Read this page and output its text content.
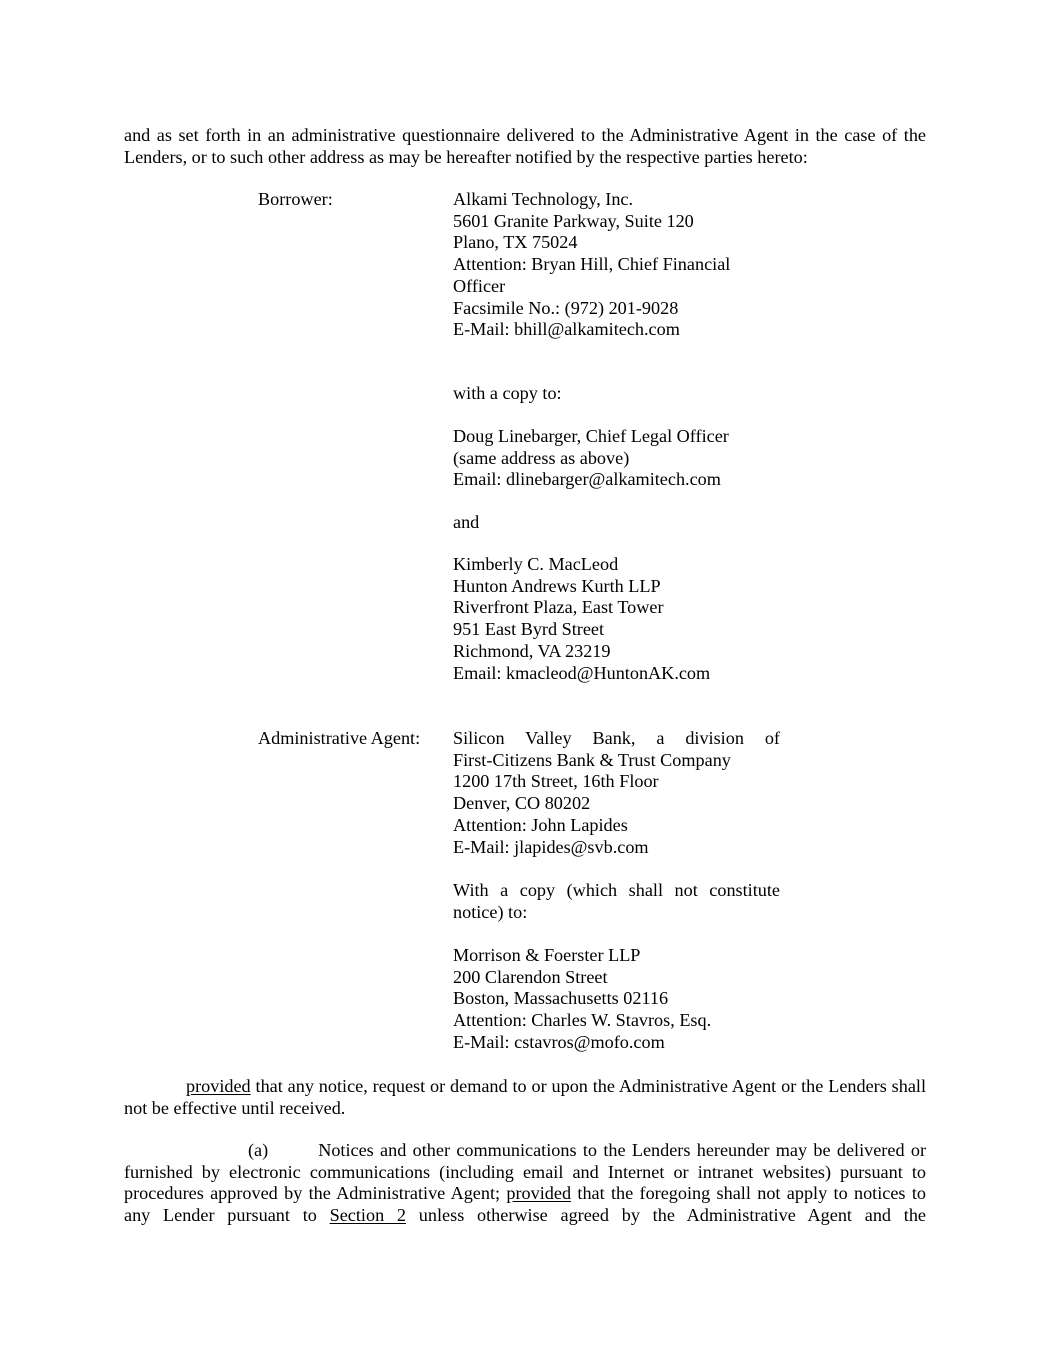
and as set forth in an administrative questionnaire delivered to the Administrative Agent in the case of the Lenders, or to such other address as may be hereafter notified by the respective parties hereto:

Borrower:	Alkami Technology, Inc.
5601 Granite Parkway, Suite 120
Plano, TX 75024
Attention: Bryan Hill, Chief Financial
Officer
Facsimile No.: (972) 201-9028
E-Mail: bhill@alkamitech.com

with a copy to:

Doug Linebarger, Chief Legal Officer
(same address as above)
Email: dlinebarger@alkamitech.com

and

Kimberly C. MacLeod
Hunton Andrews Kurth LLP
Riverfront Plaza, East Tower
951 East Byrd Street
Richmond, VA 23219
Email: kmacleod@HuntonAK.com

Administrative Agent: Silicon Valley Bank, a division of
First-Citizens Bank & Trust Company
1200 17th Street, 16th Floor
Denver, CO 80202
Attention: John Lapides
E-Mail: jlapides@svb.com

With a copy (which shall not constitute notice) to:

Morrison & Foerster LLP
200 Clarendon Street
Boston, Massachusetts 02116
Attention: Charles W. Stavros, Esq.
E-Mail: cstavros@mofo.com

provided that any notice, request or demand to or upon the Administrative Agent or the Lenders shall not be effective until received.

(a)	Notices and other communications to the Lenders hereunder may be delivered or furnished by electronic communications (including email and Internet or intranet websites) pursuant to procedures approved by the Administrative Agent; provided that the foregoing shall not apply to notices to any Lender pursuant to Section 2 unless otherwise agreed by the Administrative Agent and the
